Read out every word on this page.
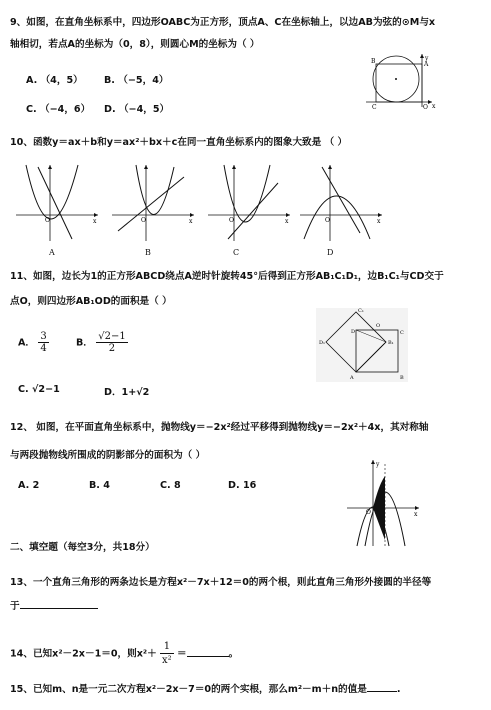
9、如图，在直角坐标系中，四边形OABC为正方形，顶点A、C在坐标轴上，以边AB为弦的⊙M与x
轴相切，若点A的坐标为（0，8），则圆心M的坐标为（ ）
A. （4，5） B. （−5，4）
C. （−4，6） D. （−4，5）
y
B	A
C	O x
10、函数y＝ax＋b和y＝ax²＋bx＋c在同一直角坐标系内的图象大致是 （ ）
O	x
A
O	x
B
O	x
C
O	x
D
11、如图，边长为1的正方形ABCD绕点A逆时针旋转45°后得到正方形AB₁C₁D₁，边B₁C₁与CD交于
点O，则四边形AB₁OD的面积是（ ）
A． $\frac{3}{4}$	B． $\frac{√2-1}{2}$
C. √2−1	D．1+√2
C₁
D
O
C
D₁	B₁
A	B
12、 如图，在平面直角坐标系中，抛物线y＝−2x²经过平移得到抛物线y＝−2x²＋4x，其对称轴
与两段抛物线所围成的阴影部分的面积为（ ）
A. 2	B. 4	C. 8	D. 16
y
O	x
二、填空题（每空3分，共18分）
13、一个直角三角形的两条边长是方程x²－7x＋12＝0的两个根，则此直角三角形外接圆的半径等
于
14、已知x²－2x－1＝0，则$x^2+ \frac{1}{\text{x²}}$ ＝	。
15、已知m、n是一元二次方程x²－2x－7＝0的两个实根，那么m²－m＋n的值是	.
